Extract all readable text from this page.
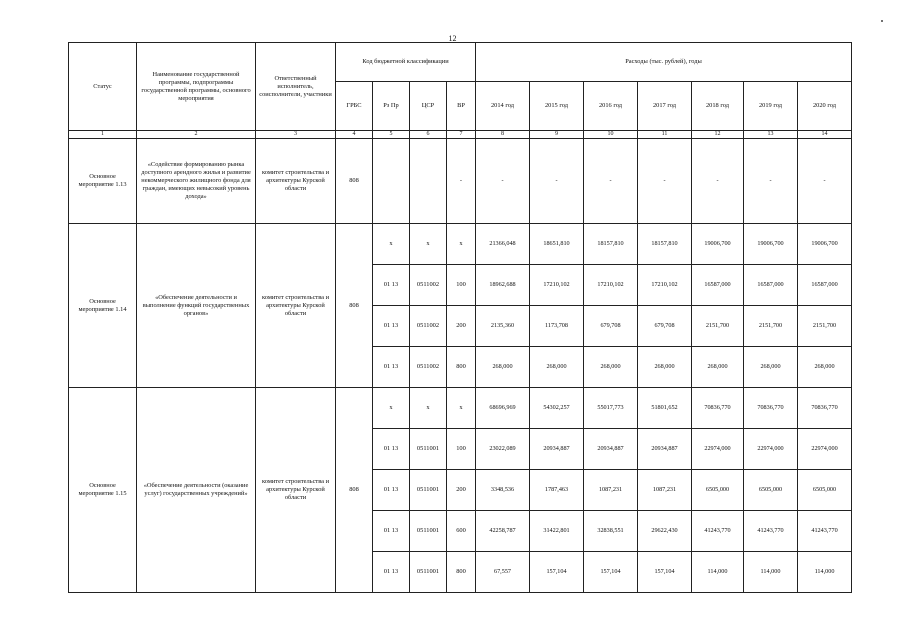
12
Статус	Наименование государственной программы, подпрограммы государственной программы, основного мероприятия	Ответственный исполнитель, соисполнители, участники	Код бюджетной классификации				Расходы (тыс. рублей), годы						
			ГРБС	Рз Пр	ЦСР	ВР	2014 год	2015 год	2016 год	2017 год	2018 год	2019 год	2020 год
1	2	3	4	5	6	7	8	9	10	11	12	13	14
Основное мероприятие 1.13	«Содействие формированию рынка доступного арендного жилья и развитие некоммерческого жилищного фонда для граждан, имеющих невысокий уровень дохода»	комитет строительства и архитектуры Курской области	808			-	-	-	-	-	-	-	-
Основное мероприятие 1.14	«Обеспечение деятельности и выполнение функций государственных органов»	комитет строительства и архитектуры Курской области	808	х	х	х	21366,048	18651,810	18157,810	18157,810	19006,700	19006,700	19006,700
				01 13	0511002	100	18962,688	17210,102	17210,102	17210,102	16587,000	16587,000	16587,000
				01 13	0511002	200	2135,360	1173,708	679,708	679,708	2151,700	2151,700	2151,700
				01 13	0511002	800	268,000	268,000	268,000	268,000	268,000	268,000	268,000
Основное мероприятие 1.15	«Обеспечение деятельности (оказание услуг) государственных учреждений»	комитет строительства и архитектуры Курской области	808	х	х	х	68696,969	54302,257	55017,773	51801,652	70836,770	70836,770	70836,770
				01 13	0511001	100	23022,089	20934,887	20934,887	20934,887	22974,000	22974,000	22974,000
				01 13	0511001	200	3348,536	1787,463	1087,231	1087,231	6505,000	6505,000	6505,000
				01 13	0511001	600	42258,787	31422,801	32838,551	29622,430	41243,770	41243,770	41243,770
				01 13	0511001	800	67,557	157,104	157,104	157,104	114,000	114,000	114,000
